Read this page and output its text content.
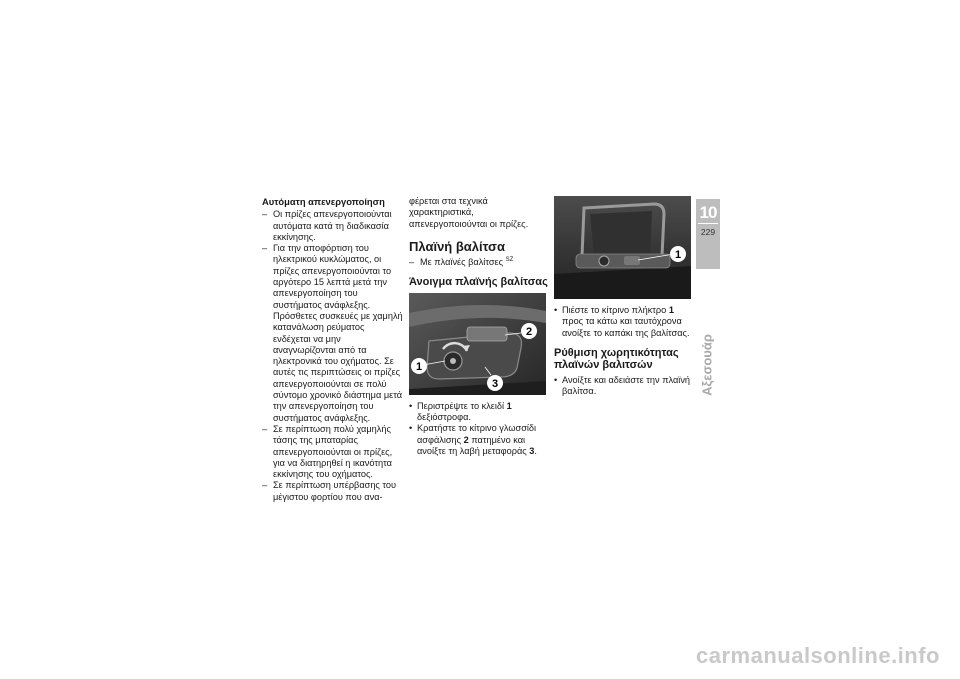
Αυτόματη απενεργοποίηση

– Οι πρίζες απενεργοποιούνται αυτόματα κατά τη διαδικασία εκκίνησης.

– Για την αποφόρτιση του ηλεκτρικού κυκλώματος, οι πρίζες απενεργοποιούνται το αργότερο 15 λεπτά μετά την απενεργοποίηση του συστήματος ανάφλεξης. Πρόσθετες συσκευές με χαμηλή κατανάλωση ρεύματος ενδέχεται να μην αναγνωρίζονται από τα ηλεκτρονικά του οχήματος. Σε αυτές τις περιπτώσεις οι πρίζες απενεργοποιούνται σε πολύ σύντομο χρονικό διάστημα μετά την απενεργοποίηση του συστήματος ανάφλεξης.

– Σε περίπτωση πολύ χαμηλής τάσης της μπαταρίας απενεργοποιούνται οι πρίζες, για να διατηρηθεί η ικανότητα εκκίνησης του οχήματος.

– Σε περίπτωση υπέρβασης του μέγιστου φορτίου που ανα-

φέρεται στα τεχνικά χαρακτηριστικά, απενεργοποιούνται οι πρίζες.

Πλαϊνή βαλίτσα

– Με πλαϊνές βαλίτσες $^{SZ}$

Άνοιγμα πλαϊνής βαλίτσας
2
1
3

• Περιστρέψτε το κλειδί 1 δεξιόστροφα.

• Κρατήστε το κίτρινο γλωσσίδι ασφάλισης 2 πατημένο και ανοίξτε τη λαβή μεταφοράς 3.

1

• Πιέστε το κίτρινο πλήκτρο 1 προς τα κάτω και ταυτόχρονα ανοίξτε το καπάκι της βαλίτσας.

Ρύθμιση χωρητικότητας πλαϊνών βαλιτσών

• Ανοίξτε και αδειάστε την πλαϊνή βαλίτσα.

10
229
Αξεσουάρ
carmanualsonline.info
